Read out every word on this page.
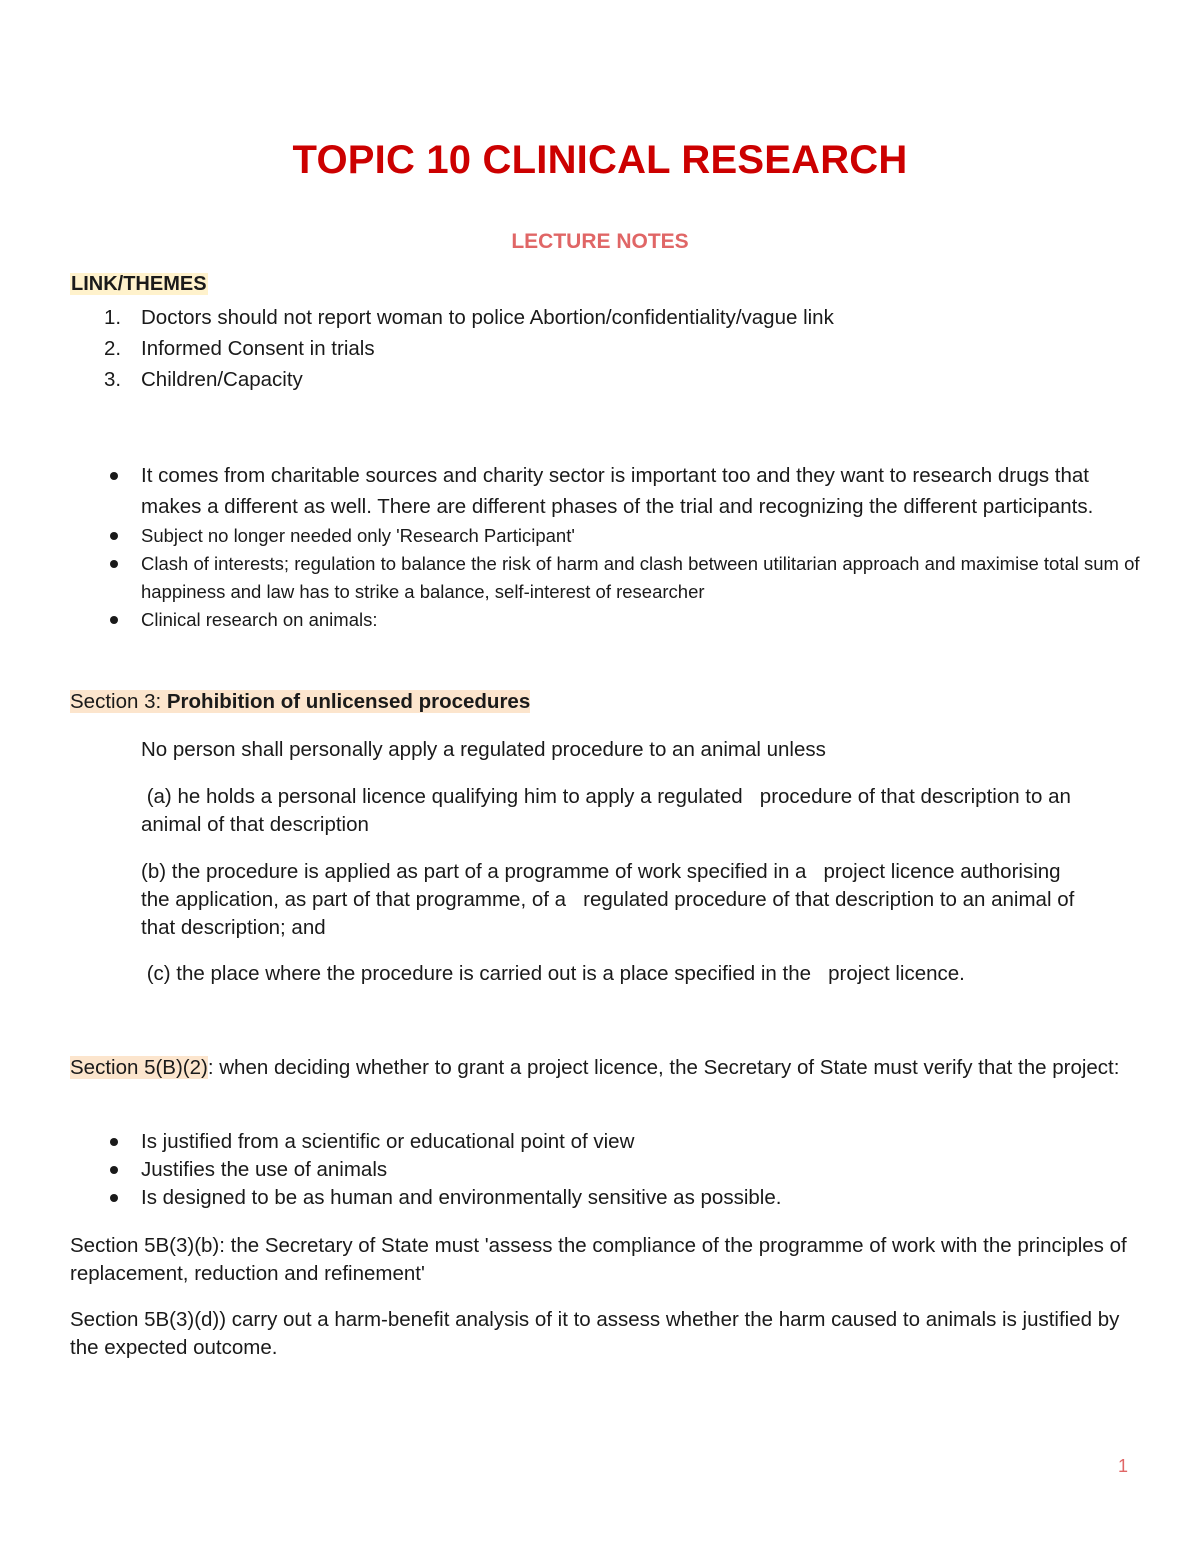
TOPIC 10 CLINICAL RESEARCH
LECTURE NOTES

LINK/THEMES

1. Doctors should not report woman to police Abortion/confidentiality/vague link
2. Informed Consent in trials
3. Children/Capacity
It comes from charitable sources and charity sector is important too and they want to research drugs that makes a different as well. There are different phases of the trial and recognizing the different participants.
Subject no longer needed only 'Research Participant'
Clash of interests; regulation to balance the risk of harm and clash between utilitarian approach and maximise total sum of happiness and law has to strike a balance, self-interest of researcher
Clinical research on animals:

Section 3: Prohibition of unlicensed procedures

No person shall personally apply a regulated procedure to an animal unless

(a) he holds a personal licence qualifying him to apply a regulated   procedure of that description to an animal of that description

(b) the procedure is applied as part of a programme of work specified in a   project licence authorising the application, as part of that programme, of a   regulated procedure of that description to an animal of that description; and

(c) the place where the procedure is carried out is a place specified in the   project licence.

Section 5(B)(2): when deciding whether to grant a project licence, the Secretary of State must verify that the project:

Is justified from a scientific or educational point of view
Justifies the use of animals
Is designed to be as human and environmentally sensitive as possible.

Section 5B(3)(b): the Secretary of State must 'assess the compliance of the programme of work with the principles of replacement, reduction and refinement'

Section 5B(3)(d)) carry out a harm-benefit analysis of it to assess whether the harm caused to animals is justified by the expected outcome.

1
